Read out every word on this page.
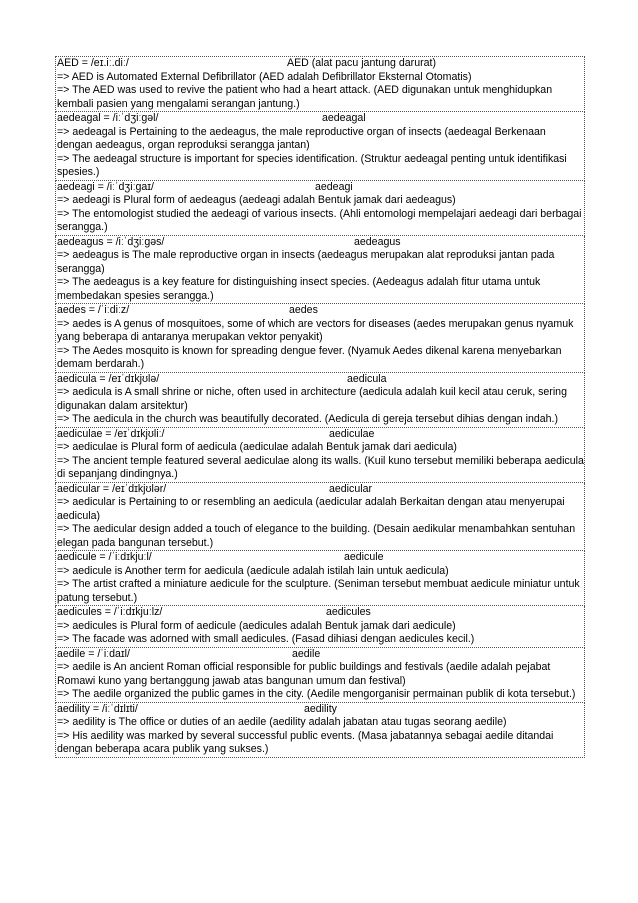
AED = /eɪ.iː.diː/	AED (alat pacu jantung darurat)
=> AED is Automated External Defibrillator (AED adalah Defibrillator Eksternal Otomatis)
=> The AED was used to revive the patient who had a heart attack. (AED digunakan untuk menghidupkan kembali pasien yang mengalami serangan jantung.)
aedeagal = /iːˈdʒiːɡəl/	aedeagal
=> aedeagal is Pertaining to the aedeagus, the male reproductive organ of insects (aedeagal Berkenaan dengan aedeagus, organ reproduksi serangga jantan)
=> The aedeagal structure is important for species identification. (Struktur aedeagal penting untuk identifikasi spesies.)
aedeagi = /iːˈdʒiːɡaɪ/	aedeagi
=> aedeagi is Plural form of aedeagus (aedeagi adalah Bentuk jamak dari aedeagus)
=> The entomologist studied the aedeagi of various insects. (Ahli entomologi mempelajari aedeagi dari berbagai serangga.)
aedeagus = /iːˈdʒiːɡəs/	aedeagus
=> aedeagus is The male reproductive organ in insects (aedeagus merupakan alat reproduksi jantan pada serangga)
=> The aedeagus is a key feature for distinguishing insect species. (Aedeagus adalah fitur utama untuk membedakan spesies serangga.)
aedes = /ˈiːdiːz/	aedes
=> aedes is A genus of mosquitoes, some of which are vectors for diseases (aedes merupakan genus nyamuk yang beberapa di antaranya merupakan vektor penyakit)
=> The Aedes mosquito is known for spreading dengue fever. (Nyamuk Aedes dikenal karena menyebarkan demam berdarah.)
aedicula = /eɪˈdɪkjʊlə/	aedicula
=> aedicula is A small shrine or niche, often used in architecture (aedicula adalah kuil kecil atau ceruk, sering digunakan dalam arsitektur)
=> The aedicula in the church was beautifully decorated. (Aedicula di gereja tersebut dihias dengan indah.)
aediculae = /eɪˈdɪkjʊliː/	aediculae
=> aediculae is Plural form of aedicula (aediculae adalah Bentuk jamak dari aedicula)
=> The ancient temple featured several aediculae along its walls. (Kuil kuno tersebut memiliki beberapa aedicula di sepanjang dindingnya.)
aedicular = /eɪˈdɪkjʊlər/	aedicular
=> aedicular is Pertaining to or resembling an aedicula (aedicular adalah Berkaitan dengan atau menyerupai aedicula)
=> The aedicular design added a touch of elegance to the building. (Desain aedikular menambahkan sentuhan elegan pada bangunan tersebut.)
aedicule = /ˈiːdɪkjuːl/	aedicule
=> aedicule is Another term for aedicula (aedicule adalah istilah lain untuk aedicula)
=> The artist crafted a miniature aedicule for the sculpture. (Seniman tersebut membuat aedicule miniatur untuk patung tersebut.)
aedicules = /ˈiːdɪkjuːlz/	aedicules
=> aedicules is Plural form of aedicule (aedicules adalah Bentuk jamak dari aedicule)
=> The facade was adorned with small aedicules. (Fasad dihiasi dengan aedicules kecil.)
aedile = /ˈiːdaɪl/	aedile
=> aedile is An ancient Roman official responsible for public buildings and festivals (aedile adalah pejabat Romawi kuno yang bertanggung jawab atas bangunan umum dan festival)
=> The aedile organized the public games in the city. (Aedile mengorganisir permainan publik di kota tersebut.)
aedility = /iːˈdɪlɪti/	aedility
=> aedility is The office or duties of an aedile (aedility adalah jabatan atau tugas seorang aedile)
=> His aedility was marked by several successful public events. (Masa jabatannya sebagai aedile ditandai dengan beberapa acara publik yang sukses.)
